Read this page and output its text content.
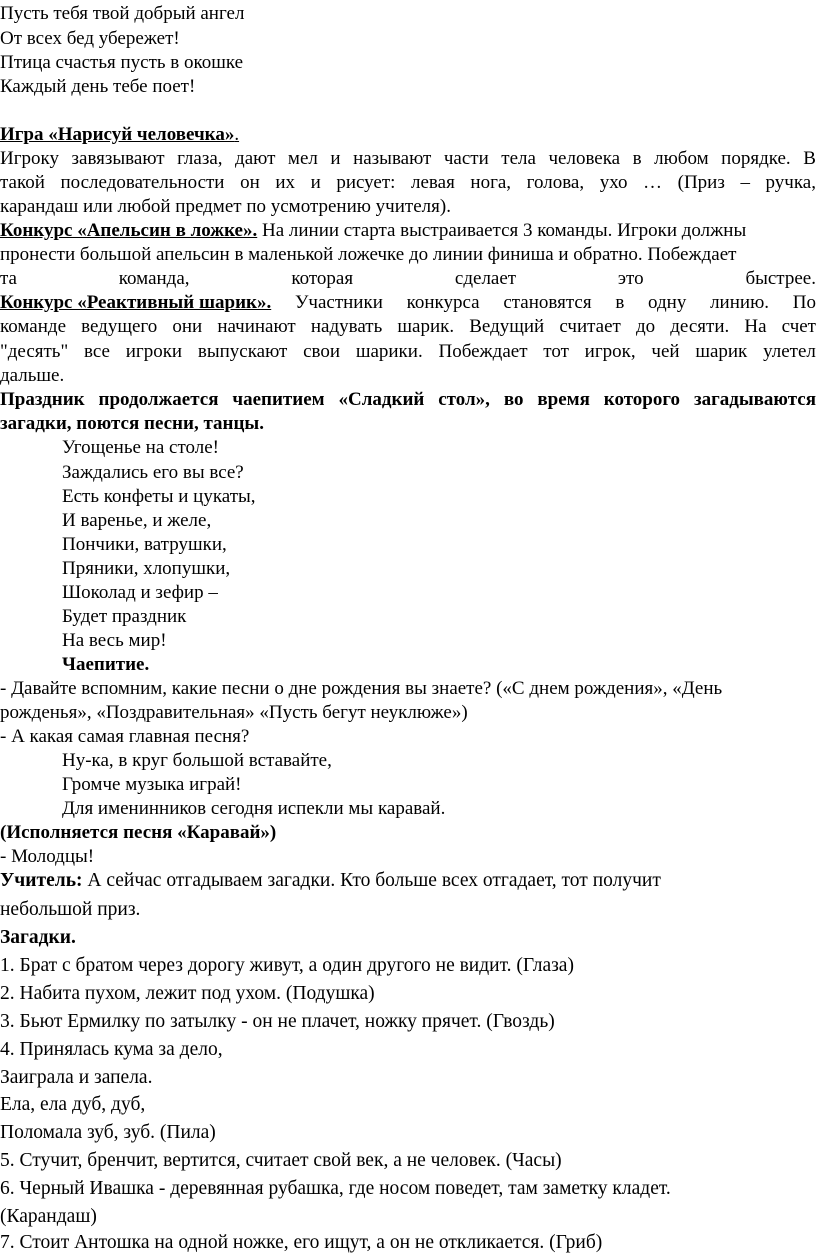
Пусть тебя твой добрый ангел
От всех бед убережет!
Птица счастья пусть в окошке
Каждый день тебе поет!
Игра «Нарисуй человечка».
Игроку завязывают глаза, дают мел и называют части тела человека в любом порядке. В
такой последовательности он их и рисует: левая нога, голова, ухо … (Приз – ручка,
карандаш или любой предмет по усмотрению учителя).
Конкурс «Апельсин в ложке». На линии старта выстраивается 3 команды. Игроки должны
пронести большой апельсин в маленькой ложечке до линии финиша и обратно. Побеждает
та	команда,	которая	сделает	это	быстрее.
Конкурс «Реактивный шарик». Участники конкурса становятся в одну линию. По
команде ведущего они начинают надувать шарик. Ведущий считает до десяти. На счет
"десять" все игроки выпускают свои шарики. Побеждает тот игрок, чей шарик улетел
дальше.
Праздник продолжается чаепитием «Сладкий стол», во время которого загадываются
загадки, поются песни, танцы.
Угощенье на столе!
Заждались его вы все?
Есть конфеты и цукаты,
И варенье, и желе,
Пончики, ватрушки,
Пряники, хлопушки,
Шоколад и зефир –
Будет праздник
На весь мир!
Чаепитие.
- Давайте вспомним, какие песни о дне рождения вы знаете? («С днем рождения», «День
рожденья», «Поздравительная» «Пусть бегут неуклюже»)
- А какая самая главная песня?
Ну-ка, в круг большой вставайте,
Громче музыка играй!
Для именинников сегодня испекли мы каравай.
(Исполняется песня «Каравай»)
- Молодцы!
Учитель: А сейчас отгадываем загадки. Кто больше всех отгадает, тот получит
небольшой приз.
Загадки.
1. Брат с братом через дорогу живут, а один другого не видит. (Глаза)
2. Набита пухом, лежит под ухом. (Подушка)
3. Бьют Ермилку по затылку - он не плачет, ножку прячет. (Гвоздь)
4. Принялась кума за дело,
Заиграла и запела.
Ела, ела дуб, дуб,
Поломала зуб, зуб. (Пила)
5. Стучит, бренчит, вертится, считает свой век, а не человек. (Часы)
6. Черный Ивашка - деревянная рубашка, где носом поведет, там заметку кладет.
(Карандаш)
7. Стоит Антошка на одной ножке, его ищут, а он не откликается. (Гриб)
